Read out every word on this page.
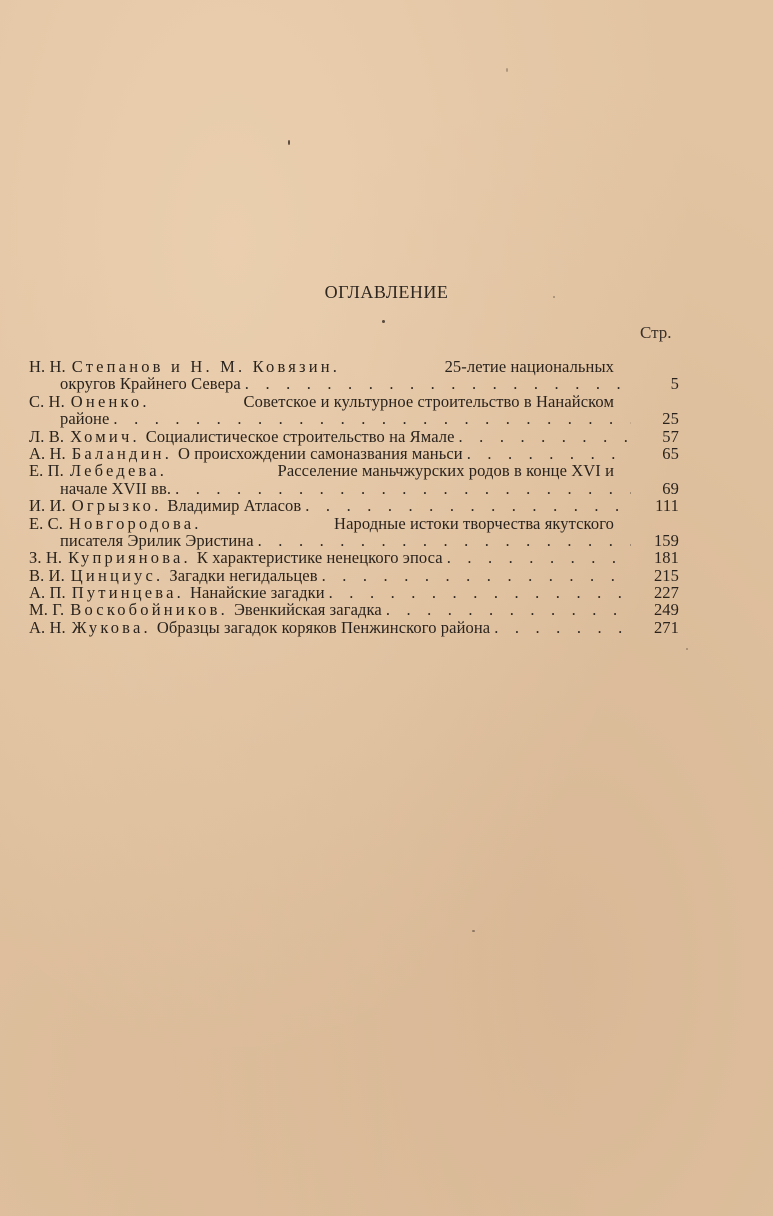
ОГЛАВЛЕНИЕ
Стр.
Н. Н. Степанов и Н. М. Ковязин.	25-летие национальных
округов Крайнего Севера . . .	5
С. Н. Оненко.	Советское и культурное строительство в Нанайском
районе . . .	25
Л. В. Хомич. Социалистическое строительство на Ямале . . .	57
А. Н. Баландин. О происхождении самоназвания маньси . . .	65
Е. П. Лебедева.	Расселение маньчжурских родов в конце XVI и
начале XVII вв. . . .	69
И. И. Огрызко. Владимир Атласов . . .	111
Е. С. Новгородова.	Народные истоки творчества якутского
писателя Эрилик Эристина . . .	159
З. Н. Куприянова. К характеристике ненецкого эпоса . . .	181
В. И. Цинциус. Загадки негидальцев . . .	215
А. П. Путинцева. Нанайские загадки . . .	227
М. Г. Воскобойников. Эвенкийская загадка . . .	249
А. Н. Жукова. Образцы загадок коряков Пенжинского района . . .	271
